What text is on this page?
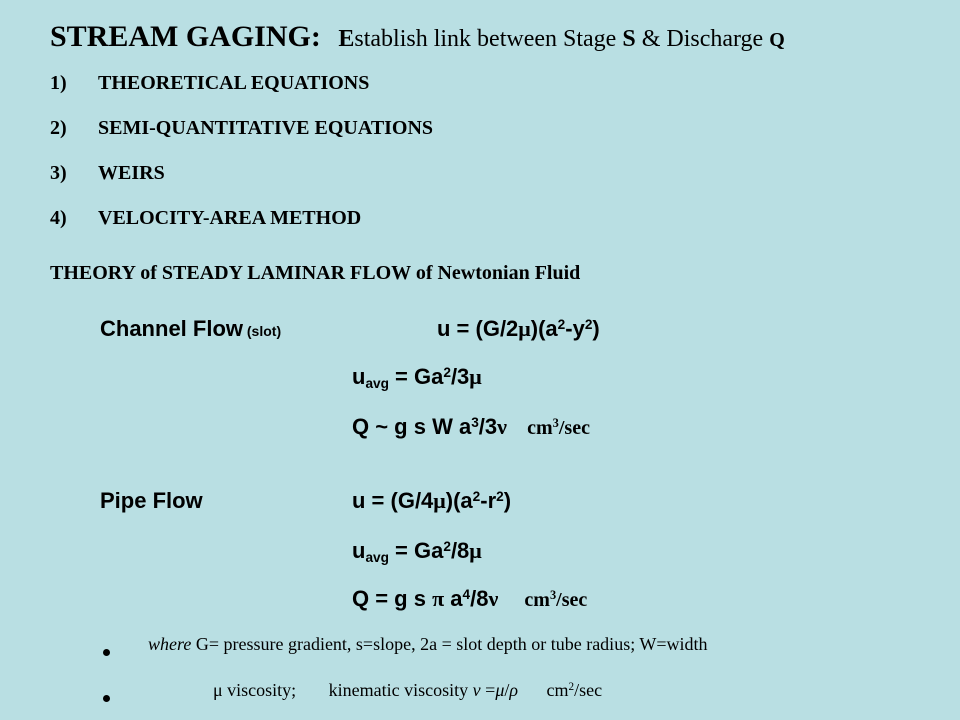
STREAM GAGING: Establish link between Stage S & Discharge Q
1) THEORETICAL EQUATIONS
2) SEMI-QUANTITATIVE EQUATIONS
3) WEIRS
4) VELOCITY-AREA METHOD
THEORY of STEADY LAMINAR FLOW of Newtonian Fluid
Channel Flow (slot)	$u = (G/2\mu)(a^2-y^2)$
$u_{avg} = Ga^2/3\mu$
Q ~ g s W $a^3/3\nu$ $cm^3/\sec$
Pipe Flow	$u = (G/4\mu)(a^2-r^2)$
$u_{avg} = Ga^2/8\mu$
Q = g s π $a^4/8\nu$ $cm^3/\sec$
where G= pressure gradient, s=slope, 2a = slot depth or tube radius; W=width
μ viscosity; kinematic viscosity ν =μ/ρ $cm^2/\sec$
